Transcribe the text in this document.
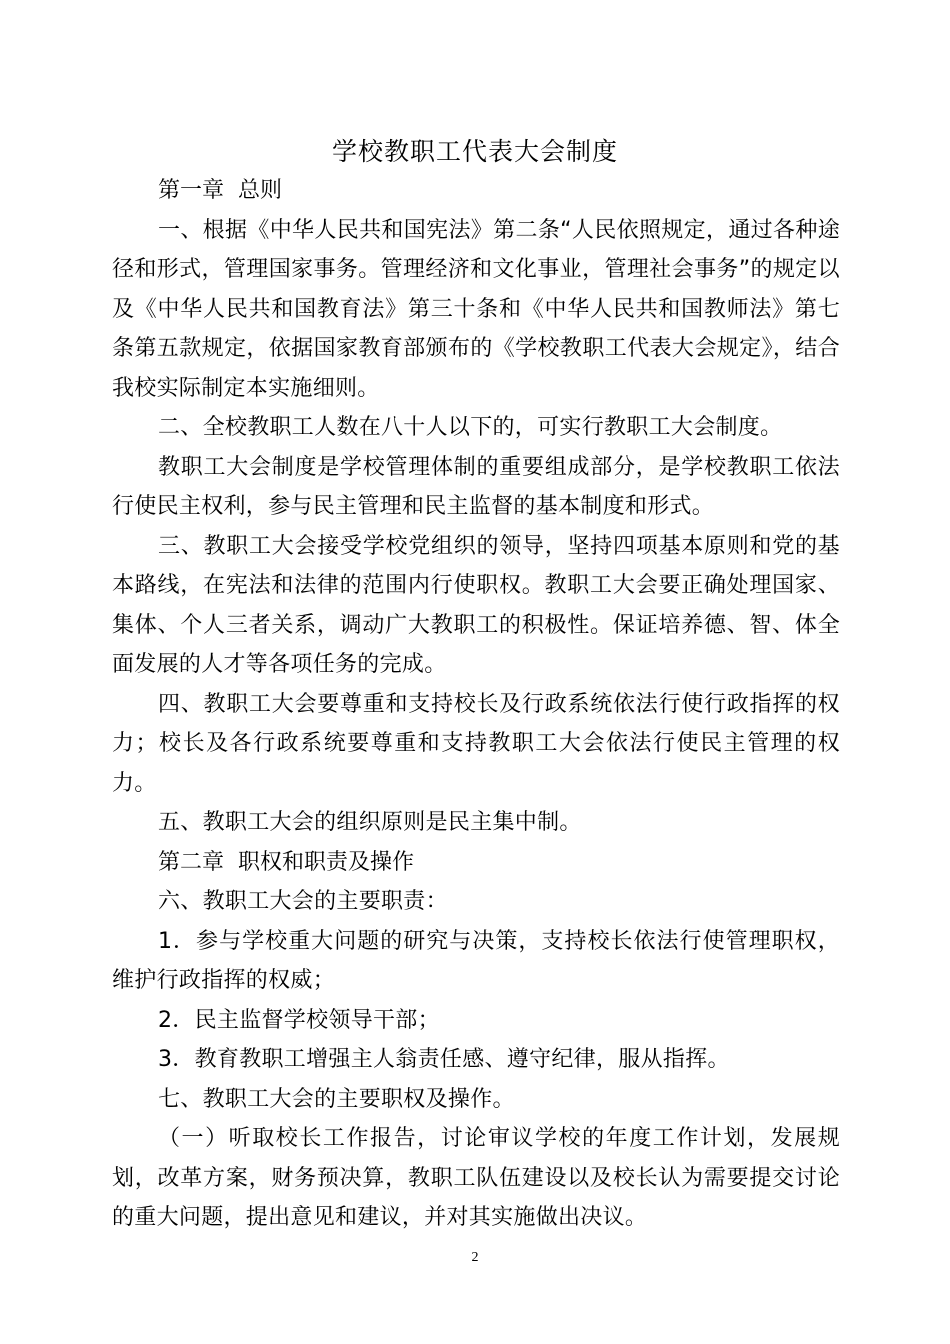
学校教职工代表大会制度

第一章  总则

一、根据《中华人民共和国宪法》第二条“人民依照规定，通过各种途径和形式，管理国家事务。管理经济和文化事业，管理社会事务”的规定以及《中华人民共和国教育法》第三十条和《中华人民共和国教师法》第七条第五款规定，依据国家教育部颁布的《学校教职工代表大会规定》，结合我校实际制定本实施细则。

二、全校教职工人数在八十人以下的，可实行教职工大会制度。

教职工大会制度是学校管理体制的重要组成部分，是学校教职工依法行使民主权利，参与民主管理和民主监督的基本制度和形式。

三、教职工大会接受学校党组织的领导，坚持四项基本原则和党的基本路线，在宪法和法律的范围内行使职权。教职工大会要正确处理国家、集体、个人三者关系，调动广大教职工的积极性。保证培养德、智、体全面发展的人才等各项任务的完成。

四、教职工大会要尊重和支持校长及行政系统依法行使行政指挥的权力；校长及各行政系统要尊重和支持教职工大会依法行使民主管理的权力。

五、教职工大会的组织原则是民主集中制。

第二章  职权和职责及操作

六、教职工大会的主要职责：

1．参与学校重大问题的研究与决策，支持校长依法行使管理职权，维护行政指挥的权威；

2．民主监督学校领导干部；

3．教育教职工增强主人翁责任感、遵守纪律，服从指挥。

七、教职工大会的主要职权及操作。

（一）听取校长工作报告，讨论审议学校的年度工作计划，发展规划，改革方案，财务预决算，教职工队伍建设以及校长认为需要提交讨论的重大问题，提出意见和建议，并对其实施做出决议。

2
